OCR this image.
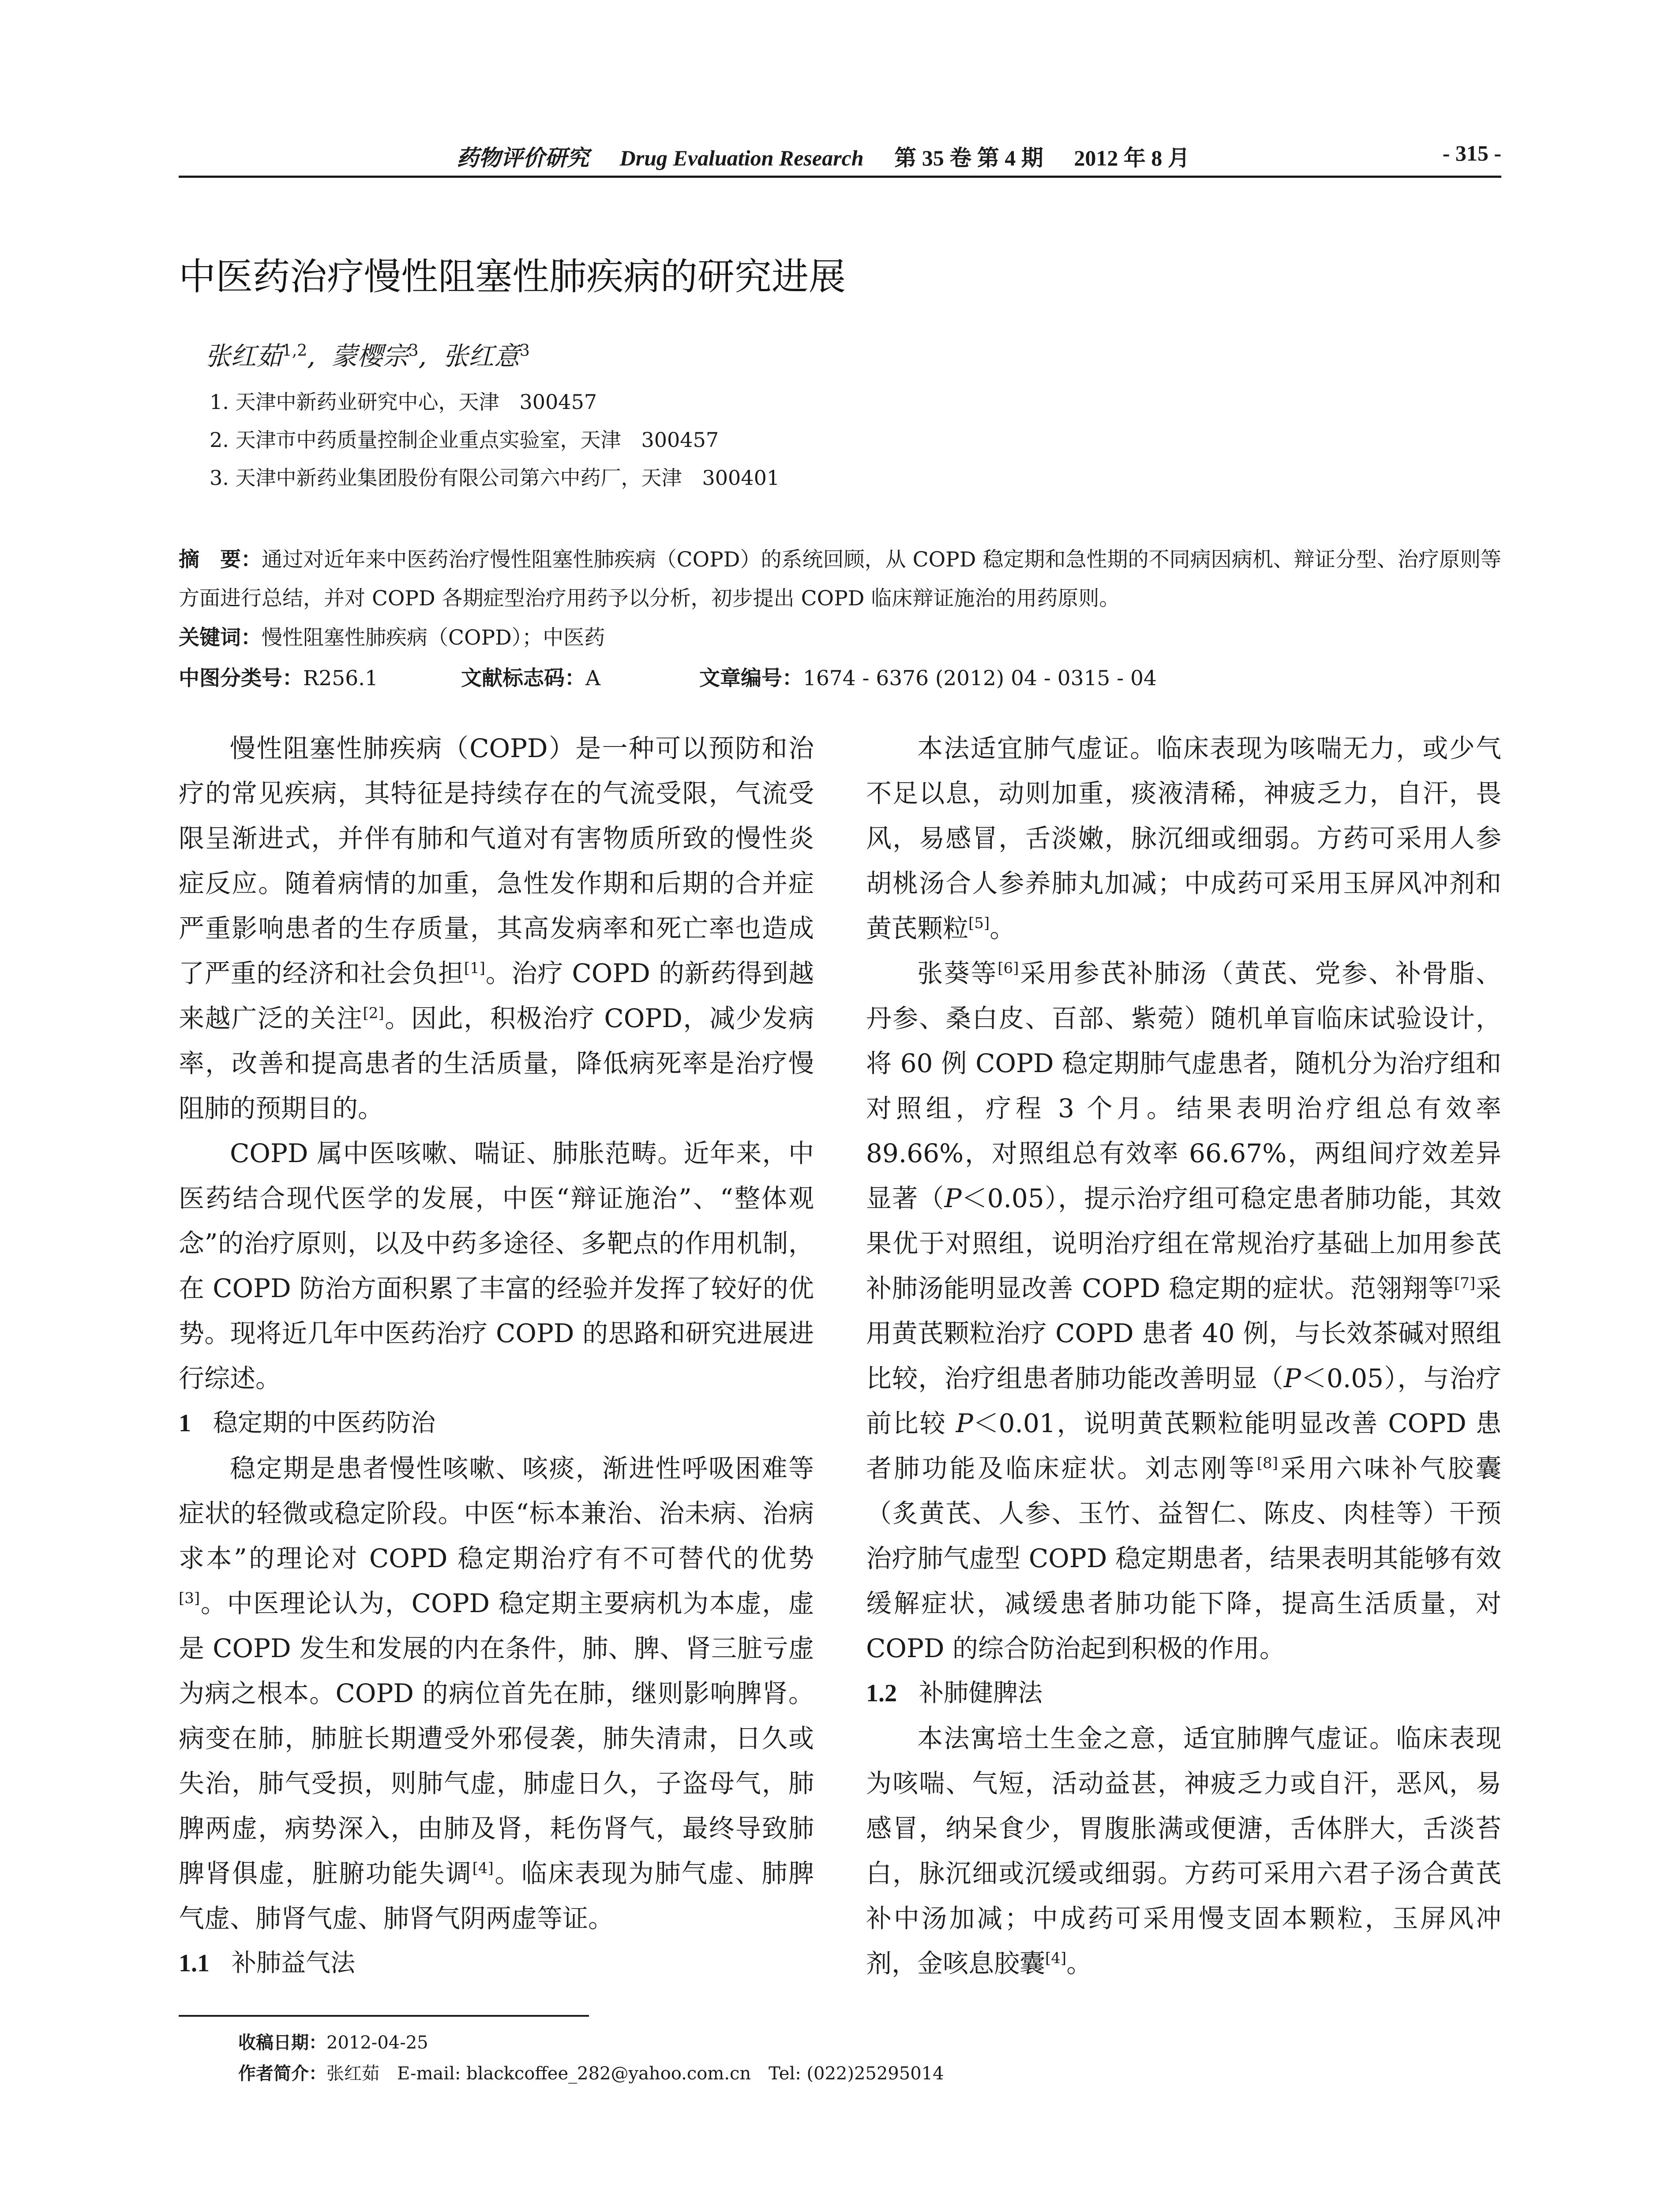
药物评价研究 Drug Evaluation Research 第 35 卷 第 4 期 2012 年 8 月	- 315 -
中医药治疗慢性阻塞性肺疾病的研究进展
张红茹$^{1,2}$,  蒙樱宗$^3$,  张红意$^3$
1. 天津中新药业研究中心，天津　300457
2. 天津市中药质量控制企业重点实验室，天津　300457
3. 天津中新药业集团股份有限公司第六中药厂，天津　300401
摘　要：通过对近年来中医药治疗慢性阻塞性肺疾病（COPD）的系统回顾，从 COPD 稳定期和急性期的不同病因病机、辩证分型、治疗原则等方面进行总结，并对 COPD 各期症型治疗用药予以分析，初步提出 COPD 临床辩证施治的用药原则。
关键词：慢性阻塞性肺疾病（COPD）；中医药
中图分类号：R256.1	文献标志码：A	文章编号：1674 - 6376 (2012) 04 - 0315 - 04

慢性阻塞性肺疾病（COPD）是一种可以预防和治疗的常见疾病，其特征是持续存在的气流受限，气流受限呈渐进式，并伴有肺和气道对有害物质所致的慢性炎症反应。随着病情的加重，急性发作期和后期的合并症严重影响患者的生存质量，其高发病率和死亡率也造成了严重的经济和社会负担[1]。治疗 COPD 的新药得到越来越广泛的关注[2]。因此，积极治疗 COPD，减少发病率，改善和提高患者的生活质量，降低病死率是治疗慢阻肺的预期目的。

COPD 属中医咳嗽、喘证、肺胀范畴。近年来，中医药结合现代医学的发展，中医“辩证施治”、“整体观念”的治疗原则，以及中药多途径、多靶点的作用机制，在 COPD 防治方面积累了丰富的经验并发挥了较好的优势。现将近几年中医药治疗 COPD 的思路和研究进展进行综述。

1 稳定期的中医药防治

稳定期是患者慢性咳嗽、咳痰，渐进性呼吸困难等症状的轻微或稳定阶段。中医“标本兼治、治未病、治病求本”的理论对 COPD 稳定期治疗有不可替代的优势[3]。中医理论认为，COPD 稳定期主要病机为本虚，虚是 COPD 发生和发展的内在条件，肺、脾、肾三脏亏虚为病之根本。COPD 的病位首先在肺，继则影响脾肾。病变在肺，肺脏长期遭受外邪侵袭，肺失清肃，日久或失治，肺气受损，则肺气虚，肺虚日久，子盗母气，肺脾两虚，病势深入，由肺及肾，耗伤肾气，最终导致肺脾肾俱虚，脏腑功能失调[4]。临床表现为肺气虚、肺脾气虚、肺肾气虚、肺肾气阴两虚等证。

1.1 补肺益气法

本法适宜肺气虚证。临床表现为咳喘无力，或少气不足以息，动则加重，痰液清稀，神疲乏力，自汗，畏风，易感冒，舌淡嫩，脉沉细或细弱。方药可采用人参胡桃汤合人参养肺丸加减；中成药可采用玉屏风冲剂和黄芪颗粒[5]。

张葵等[6]采用参芪补肺汤（黄芪、党参、补骨脂、丹参、桑白皮、百部、紫菀）随机单盲临床试验设计，将 60 例 COPD 稳定期肺气虚患者，随机分为治疗组和对照组，疗程 3 个月。结果表明治疗组总有效率 89.66%，对照组总有效率 66.67%，两组间疗效差异显著（P＜0.05），提示治疗组可稳定患者肺功能，其效果优于对照组，说明治疗组在常规治疗基础上加用参芪补肺汤能明显改善 COPD 稳定期的症状。范翎翔等[7]采用黄芪颗粒治疗 COPD 患者 40 例，与长效茶碱对照组比较，治疗组患者肺功能改善明显（P＜0.05），与治疗前比较 P＜0.01，说明黄芪颗粒能明显改善 COPD 患者肺功能及临床症状。刘志刚等[8]采用六味补气胶囊（炙黄芪、人参、玉竹、益智仁、陈皮、肉桂等）干预治疗肺气虚型 COPD 稳定期患者，结果表明其能够有效缓解症状，减缓患者肺功能下降，提高生活质量，对 COPD 的综合防治起到积极的作用。

1.2 补肺健脾法

本法寓培土生金之意，适宜肺脾气虚证。临床表现为咳喘、气短，活动益甚，神疲乏力或自汗，恶风，易感冒，纳呆食少，胃腹胀满或便溏，舌体胖大，舌淡苔白，脉沉细或沉缓或细弱。方药可采用六君子汤合黄芪补中汤加减；中成药可采用慢支固本颗粒，玉屏风冲剂，金咳息胶囊[4]。

收稿日期：2012-04-25
作者简介：张红茹　E-mail: blackcoffee_282@yahoo.com.cn　Tel: (022)25295014
